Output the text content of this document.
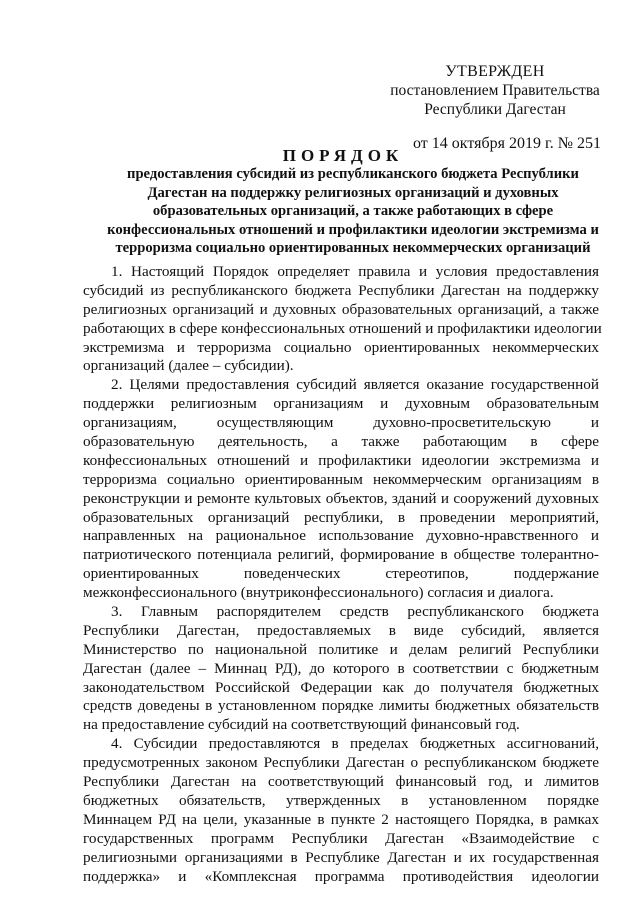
УТВЕРЖДЕН
постановлением Правительства
Республики Дагестан
от 14 октября 2019 г. № 251
ПОРЯДОК
предоставления субсидий из республиканского бюджета Республики
Дагестан на поддержку религиозных организаций и духовных
образовательных организаций, а также работающих в сфере
конфессиональных отношений и профилактики идеологии экстремизма и
терроризма социально ориентированных некоммерческих организаций
1. Настоящий Порядок определяет правила и условия предоставления
субсидий из республиканского бюджета Республики Дагестан на поддержку
религиозных организаций и духовных образовательных организаций, а также
работающих в сфере конфессиональных отношений и профилактики идеологии
экстремизма и терроризма социально ориентированных некоммерческих
организаций (далее – субсидии).
2. Целями предоставления субсидий является оказание государственной
поддержки религиозным организациям и духовным образовательным
организациям, осуществляющим духовно-просветительскую и
образовательную деятельность, а также работающим в сфере
конфессиональных отношений и профилактики идеологии экстремизма и
терроризма социально ориентированным некоммерческим организациям в
реконструкции и ремонте культовых объектов, зданий и сооружений духовных
образовательных организаций республики, в проведении мероприятий,
направленных на рациональное использование духовно-нравственного и
патриотического потенциала религий, формирование в обществе толерантно-
ориентированных поведенческих стереотипов, поддержание
межконфессионального (внутриконфессионального) согласия и диалога.
3. Главным распорядителем средств республиканского бюджета
Республики Дагестан, предоставляемых в виде субсидий, является
Министерство по национальной политике и делам религий Республики
Дагестан (далее – Миннац РД), до которого в соответствии с бюджетным
законодательством Российской Федерации как до получателя бюджетных
средств доведены в установленном порядке лимиты бюджетных обязательств
на предоставление субсидий на соответствующий финансовый год.
4. Субсидии предоставляются в пределах бюджетных ассигнований,
предусмотренных законом Республики Дагестан о республиканском бюджете
Республики Дагестан на соответствующий финансовый год, и лимитов
бюджетных обязательств, утвержденных в установленном порядке
Миннацем РД на цели, указанные в пункте 2 настоящего Порядка, в рамках
государственных программ Республики Дагестан «Взаимодействие с
религиозными организациями в Республике Дагестан и их государственная
поддержка» и «Комплексная программа противодействия идеологии
